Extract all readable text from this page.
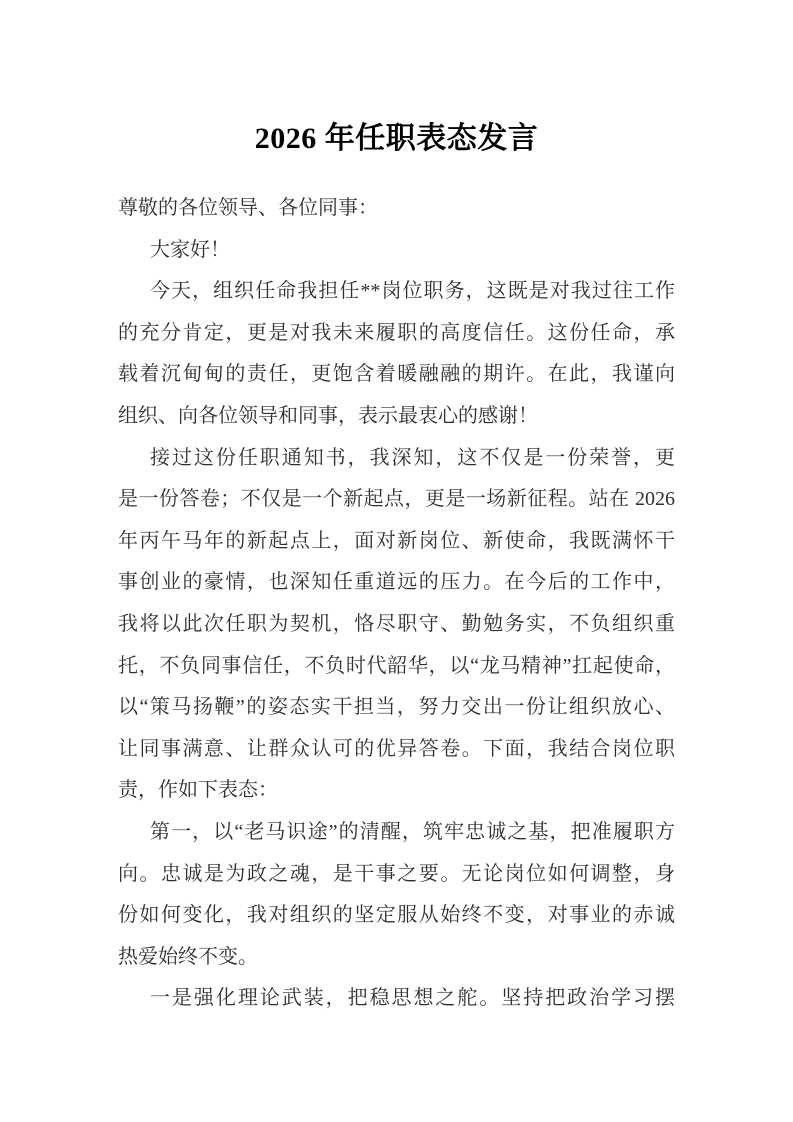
2026 年任职表态发言
尊敬的各位领导、各位同事：
大家好！
今天，组织任命我担任**岗位职务，这既是对我过往工作
的充分肯定，更是对我未来履职的高度信任。这份任命，承
载着沉甸甸的责任，更饱含着暖融融的期许。在此，我谨向
组织、向各位领导和同事，表示最衷心的感谢！
接过这份任职通知书，我深知，这不仅是一份荣誉，更
是一份答卷；不仅是一个新起点，更是一场新征程。站在 2026
年丙午马年的新起点上，面对新岗位、新使命，我既满怀干
事创业的豪情，也深知任重道远的压力。在今后的工作中，
我将以此次任职为契机，恪尽职守、勤勉务实，不负组织重
托，不负同事信任，不负时代韶华，以“龙马精神”扛起使命，
以“策马扬鞭”的姿态实干担当，努力交出一份让组织放心、
让同事满意、让群众认可的优异答卷。下面，我结合岗位职
责，作如下表态：
第一，以“老马识途”的清醒，筑牢忠诚之基，把准履职方
向。忠诚是为政之魂，是干事之要。无论岗位如何调整，身
份如何变化，我对组织的坚定服从始终不变，对事业的赤诚
热爱始终不变。
一是强化理论武装，把稳思想之舵。坚持把政治学习摆
